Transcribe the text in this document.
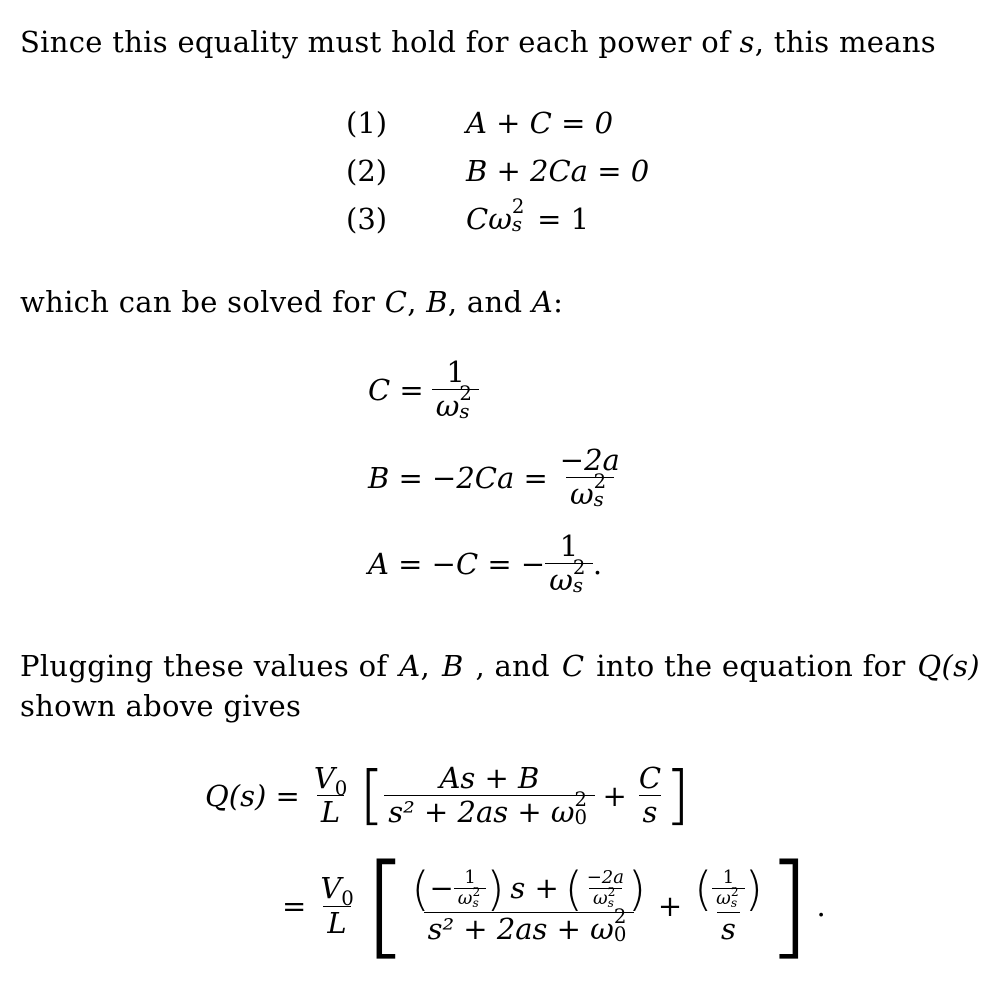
Since this equality must hold for each power of s, this means
(1)	A + C = 0
(2)	B + 2Ca = 0
(3)	Cω 2
s = 1
which can be solved for C, B, and A:
C = 1
ω 2
s
B = −2Ca = −2a
ω 2
s
A = −C = − 1
ω 2
s .
Plugging these values of A, B , and C into the equation for Q(s)
shown above gives
$Q(s) = \frac{V_0}{L}$ [ As + B
s² + 2as + ω 2
$0 + \frac{C}{s}$ ]
= $\frac{V_0}{L}$ [ ( − 1
ω 2
s ) s + ( −2a
ω 2
s )
s² + 2as + ω 2
0
+ ( 1
ω 2
s )
s ] .
